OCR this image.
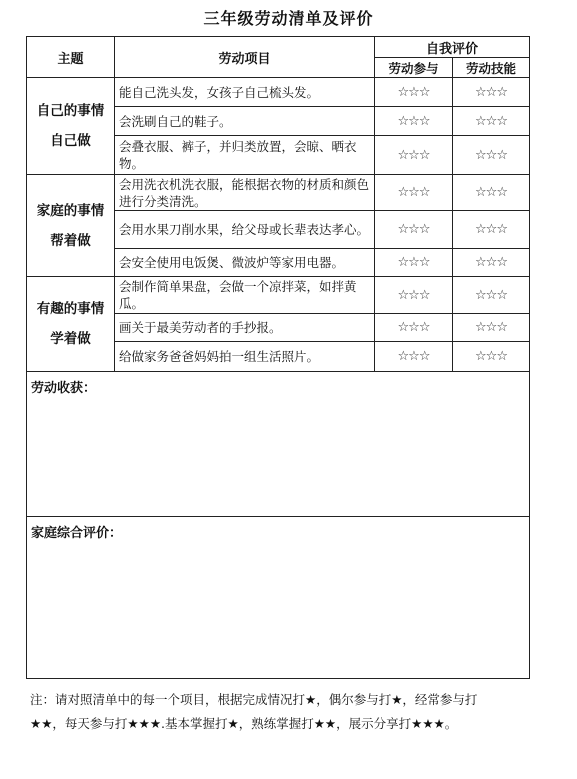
三年级劳动清单及评价
主题	劳动项目	自我评价	
		劳动参与	劳动技能

自己的事情
自己做	能自己洗头发，女孩子自己梳头发。	☆☆☆	☆☆☆
	会洗刷自己的鞋子。	☆☆☆	☆☆☆
	会叠衣服、裤子，并归类放置，会晾、晒衣物。	☆☆☆	☆☆☆

家庭的事情
帮着做	会用洗衣机洗衣服，能根据衣物的材质和颜色进行分类清洗。	☆☆☆	☆☆☆
	会用水果刀削水果，给父母或长辈表达孝心。	☆☆☆	☆☆☆
	会安全使用电饭煲、微波炉等家用电器。	☆☆☆	☆☆☆

有趣的事情
学着做	会制作简单果盘，会做一个凉拌菜，如拌黄瓜。	☆☆☆	☆☆☆
	画关于最美劳动者的手抄报。	☆☆☆	☆☆☆
	给做家务爸爸妈妈拍一组生活照片。	☆☆☆	☆☆☆
劳动收获：			
家庭综合评价：			
注：请对照清单中的每一个项目，根据完成情况打★，偶尔参与打★，经常参与打
★★，每天参与打★★★.基本掌握打★，熟练掌握打★★，展示分享打★★★。
